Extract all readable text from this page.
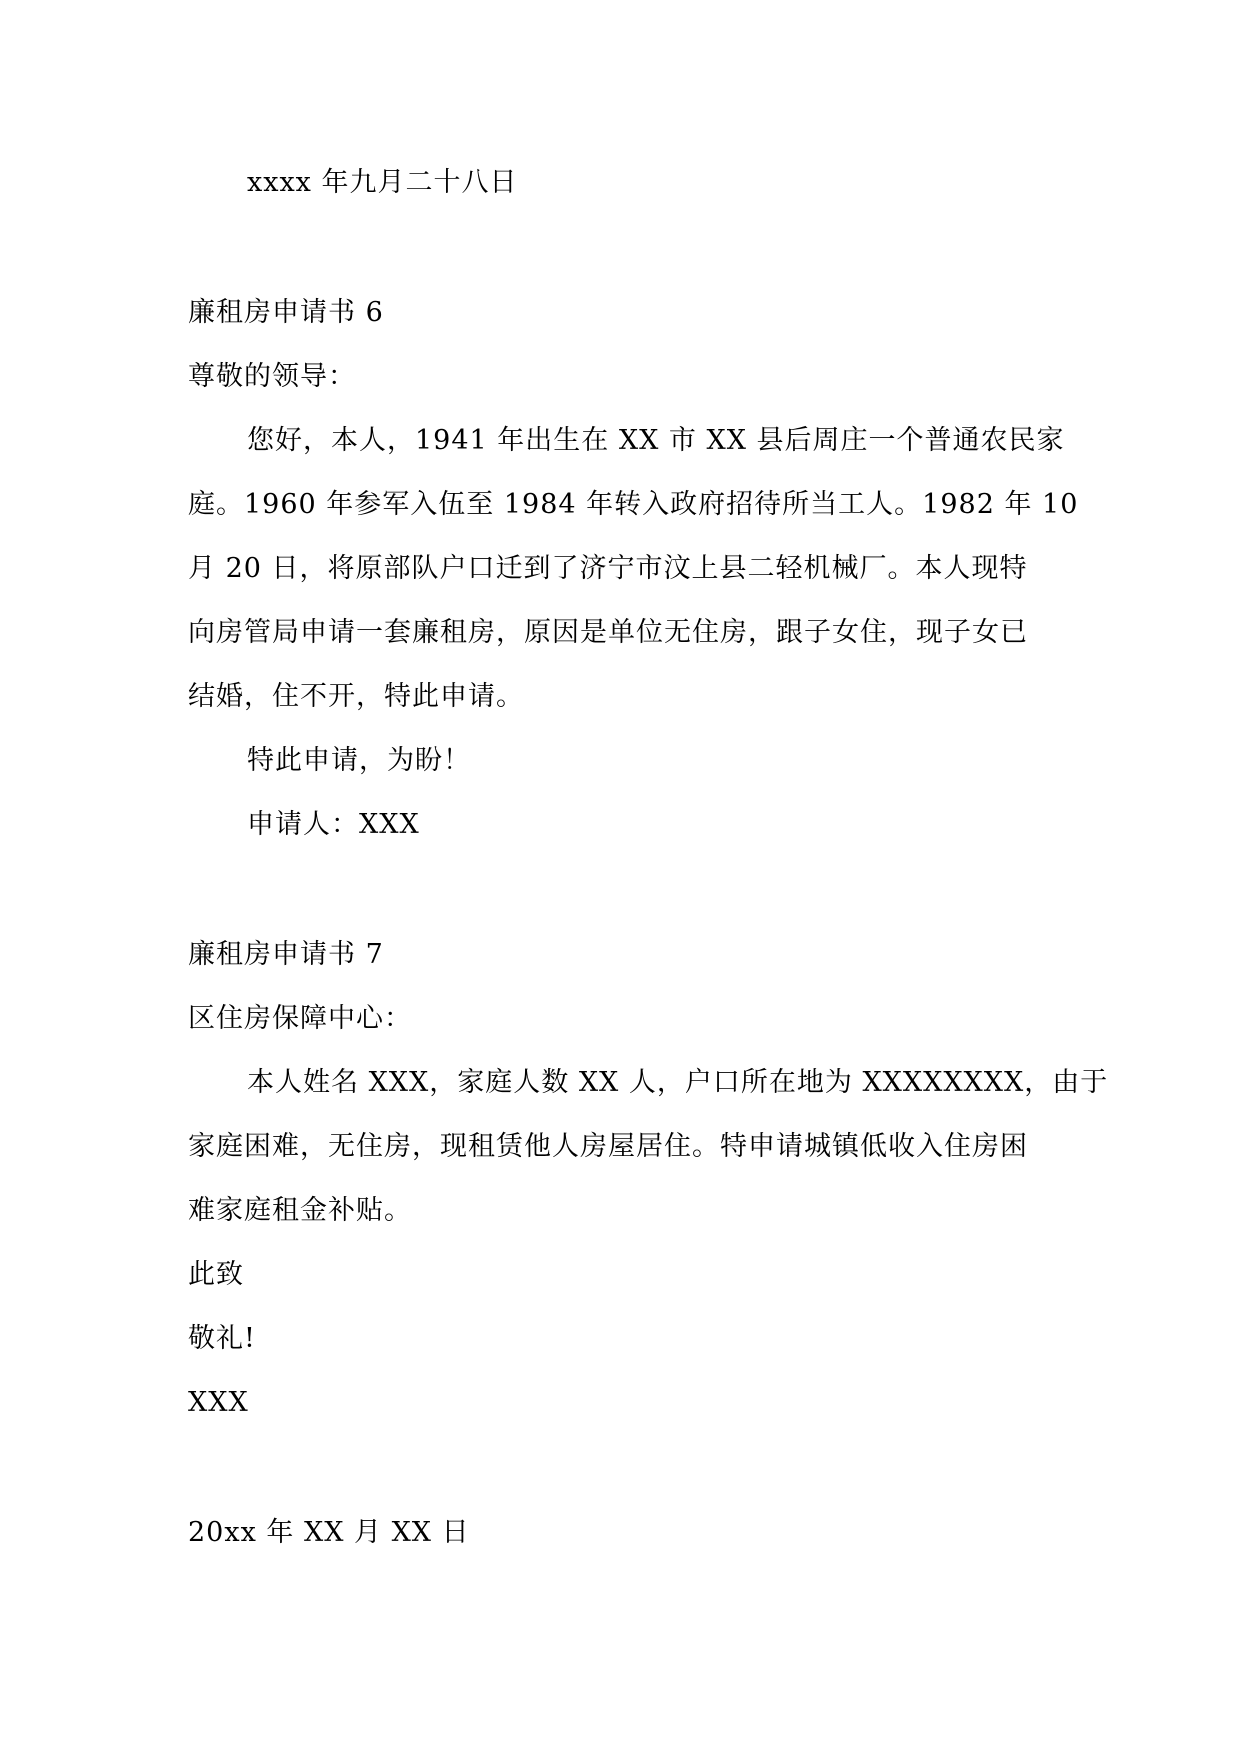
xxxx 年九月二十八日
廉租房申请书 6
尊敬的领导：
您好，本人，1941 年出生在 XX 市 XX 县后周庄一个普通农民家
庭。1960 年参军入伍至 1984 年转入政府招待所当工人。1982 年 10
月 20 日，将原部队户口迁到了济宁市汶上县二轻机械厂。本人现特
向房管局申请一套廉租房，原因是单位无住房，跟子女住，现子女已
结婚，住不开，特此申请。
特此申请，为盼！
申请人：XXX
廉租房申请书 7
区住房保障中心：
本人姓名 XXX，家庭人数 XX 人，户口所在地为 XXXXXXXX，由于
家庭困难，无住房，现租赁他人房屋居住。特申请城镇低收入住房困
难家庭租金补贴。
此致
敬礼!
XXX
20xx 年 XX 月 XX 日
